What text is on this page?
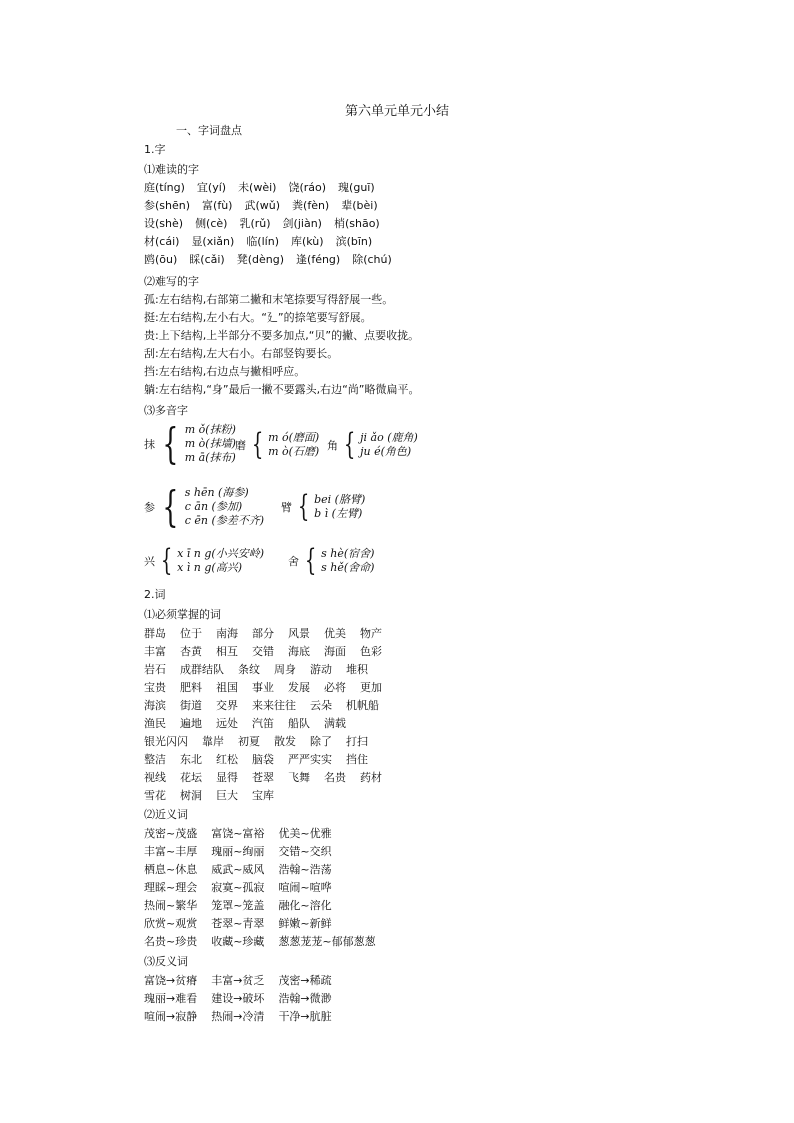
第六单元单元小结
一、字词盘点
1.字
⑴难读的字
庭(tíng) 宜(yí) 未(wèi) 饶(ráo) 瑰(guī)
参(shēn) 富(fù) 武(wǔ) 粪(fèn) 辈(bèi)
设(shè) 侧(cè) 乳(rǔ) 剑(jiàn) 梢(shāo)
材(cái) 显(xiǎn) 临(lín) 库(kù) 滨(bīn)
鸥(ōu) 睬(cǎi) 凳(dèng) 逢(féng) 除(chú)
⑵难写的字
孤:左右结构,右部第二撇和末笔捺要写得舒展一些。
挺:左右结构,左小右大。“廴”的捺笔要写舒展。
贵:上下结构,上半部分不要多加点,“贝”的撇、点要收拢。
刮:左右结构,左大右小。右部竖钩要长。
挡:左右结构,右边点与撇相呼应。
躺:左右结构,“身”最后一撇不要露头,右边“尚”略微扁平。
⑶多音字
抹 { m ǒ(抹粉)
m ò(抹墙)
m ā(抹布)
磨 { m ó(磨面)
m ò(石磨) 角 { ji ǎo (鹿角)
ju é(角色)
参 { s hēn (海参)
c ān (参加)
c ēn (参差不齐)
臂 { bei (胳臂)
b ì (左臂)
兴 { x ī n g(小兴安岭)
x ì n g(高兴)	舍 { s hè(宿舍)
s hě(舍命)
2.词
⑴必须掌握的词
群岛 位于 南海 部分 风景 优美 物产
丰富 杏黄 相互 交错 海底 海面 色彩
岩石 成群结队 条纹 周身 游动 堆积
宝贵 肥料 祖国 事业 发展 必将 更加
海滨 街道 交界 来来往往 云朵 机帆船
渔民 遍地 远处 汽笛 船队 满载
银光闪闪 靠岸 初夏 散发 除了 打扫
整洁 东北 红松 脑袋 严严实实 挡住
视线 花坛 显得 苍翠 飞舞 名贵 药材
雪花 树洞 巨大 宝库
⑵近义词
茂密~茂盛 富饶~富裕 优美~优雅
丰富~丰厚 瑰丽~绚丽 交错~交织
栖息~休息 威武~威风 浩翰~浩荡
理睬~理会 寂寞~孤寂 喧闹~喧哗
热闹~繁华 笼罩~笼盖 融化~溶化
欣赏~观赏 苍翠~青翠 鲜嫩~新鲜
名贵~珍贵 收藏~珍藏 葱葱茏茏~郁郁葱葱
⑶反义词
富饶→贫瘠 丰富→贫乏 茂密→稀疏
瑰丽→难看 建设→破坏 浩翰→微渺
喧闹→寂静 热闹→冷清 干净→肮脏
